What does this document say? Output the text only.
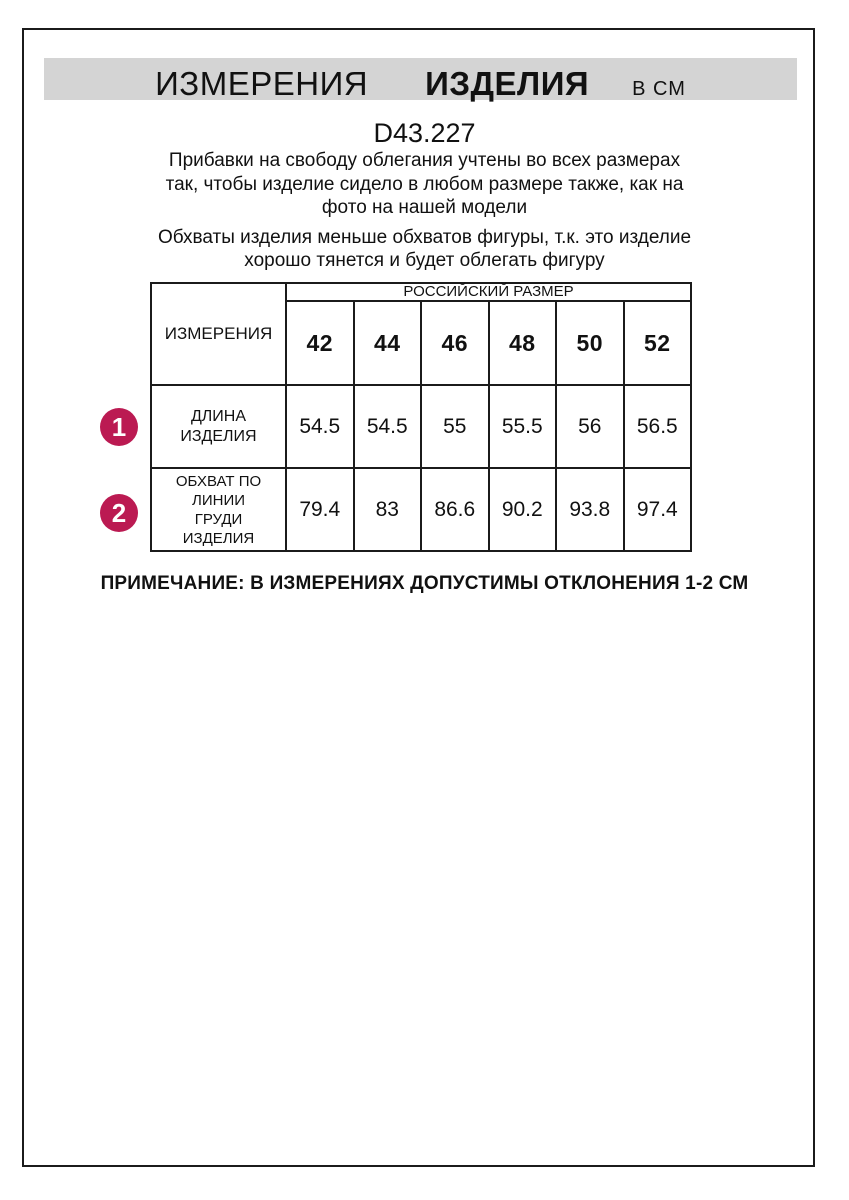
ИЗМЕРЕНИЯ ИЗДЕЛИЯ В СМ
D43.227
Прибавки на свободу облегания учтены во всех размерах
так, чтобы изделие сидело в любом размере также, как на
фото на нашей модели
Обхваты изделия меньше обхватов фигуры, т.к. это изделие
хорошо тянется и будет облегать фигуру
ИЗМЕРЕНИЯ	РОССИЙСКИЙ РАЗМЕР					
	42	44	46	48	50	52
ДЛИНА ИЗДЕЛИЯ	54.5	54.5	55	55.5	56	56.5
ОБХВАТ ПО ЛИНИИ ГРУДИ ИЗДЕЛИЯ	79.4	83	86.6	90.2	93.8	97.4
1
2
ПРИМЕЧАНИЕ: В ИЗМЕРЕНИЯХ ДОПУСТИМЫ ОТКЛОНЕНИЯ 1-2 СМ
